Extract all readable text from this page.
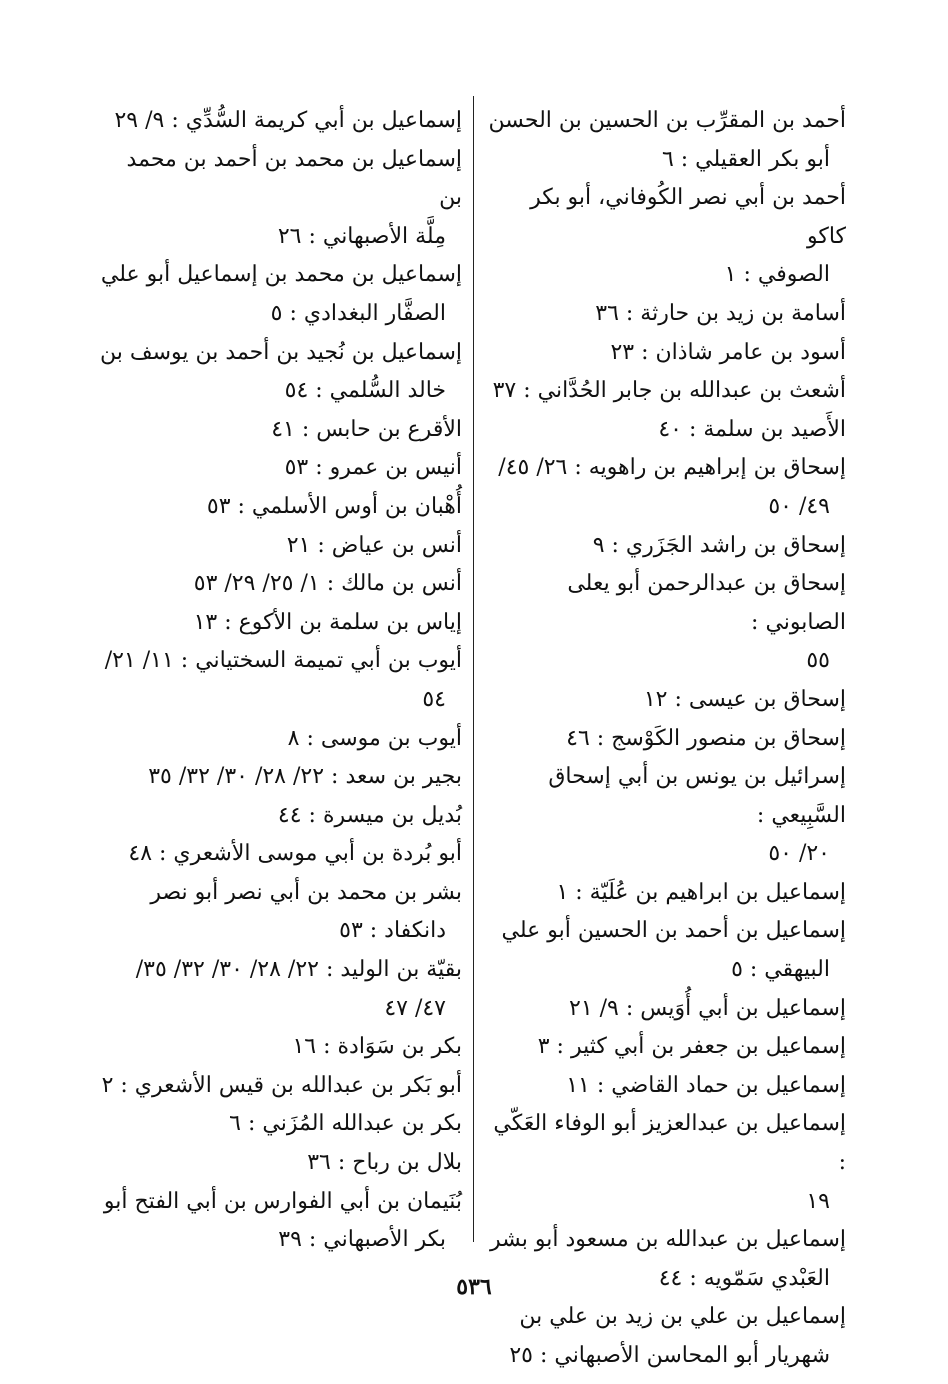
أحمد بن المقرِّب بن الحسين بن الحسن
أبو بكر العقيلي : ٦
أحمد بن أبي نصر الكُوفاني، أبو بكر كاكو
الصوفي : ١
أسامة بن زيد بن حارثة : ٣٦
أسود بن عامر شاذان : ٢٣
أشعث بن عبدالله بن جابر الحُدَّاني : ٣٧
الأَصيد بن سلمة : ٤٠
إسحاق بن إبراهيم بن راهويه : ٢٦/ ٤٥/
٤٩/ ٥٠
إسحاق بن راشد الجَزَري : ٩
إسحاق بن عبدالرحمن أبو يعلى الصابوني :
٥٥
إسحاق بن عيسى : ١٢
إسحاق بن منصور الكَوْسج : ٤٦
إسرائيل بن يونس بن أبي إسحاق السَّبِيعي :
٢٠/ ٥٠
إسماعيل بن ابراهيم بن عُلَيّة : ١
إسماعيل بن أحمد بن الحسين أبو علي
البيهقي : ٥
إسماعيل بن أبي أُوَيس : ٩/ ٢١
إسماعيل بن جعفر بن أبي كثير : ٣
إسماعيل بن حماد القاضي : ١١
إسماعيل بن عبدالعزيز أبو الوفاء العَكّي :
١٩
إسماعيل بن عبدالله بن مسعود أبو بشر
العَبْدي سَمّويه : ٤٤
إسماعيل بن علي بن زيد بن علي بن
شهريار أبو المحاسن الأصبهاني : ٢٥
إسماعيل بن أبي كريمة السُّدِّي : ٩/ ٢٩
إسماعيل بن محمد بن أحمد بن محمد بن
مِلَّة الأصبهاني : ٢٦
إسماعيل بن محمد بن إسماعيل أبو علي
الصفَّار البغدادي : ٥
إسماعيل بن نُجيد بن أحمد بن يوسف بن
خالد السُّلمي : ٥٤
الأقرع بن حابس : ٤١
أنيس بن عمرو : ٥٣
أُهْبان بن أوس الأسلمي : ٥٣
أنس بن عياض : ٢١
أنس بن مالك : ١/ ٢٥/ ٢٩/ ٥٣
إياس بن سلمة بن الأكوع : ١٣
أيوب بن أبي تميمة السختياني : ١١/ ٢١/
٥٤
أيوب بن موسى : ٨
بجير بن سعد : ٢٢/ ٢٨/ ٣٠/ ٣٢/ ٣٥
بُديل بن ميسرة : ٤٤
أبو بُردة بن أبي موسى الأشعري : ٤٨
بشر بن محمد بن أبي نصر أبو نصر
دانكفاد : ٥٣
بقيّة بن الوليد : ٢٢/ ٢٨/ ٣٠/ ٣٢/ ٣٥/
٤٧/ ٤٧
بكر بن سَوَادة : ١٦
أبو بَكر بن عبدالله بن قيس الأشعري : ٢
بكر بن عبدالله المُزَني : ٦
بلال بن رباح : ٣٦
بُنَيمان بن أبي الفوارس بن أبي الفتح أبو
بكر الأصبهاني : ٣٩
٥٣٦
